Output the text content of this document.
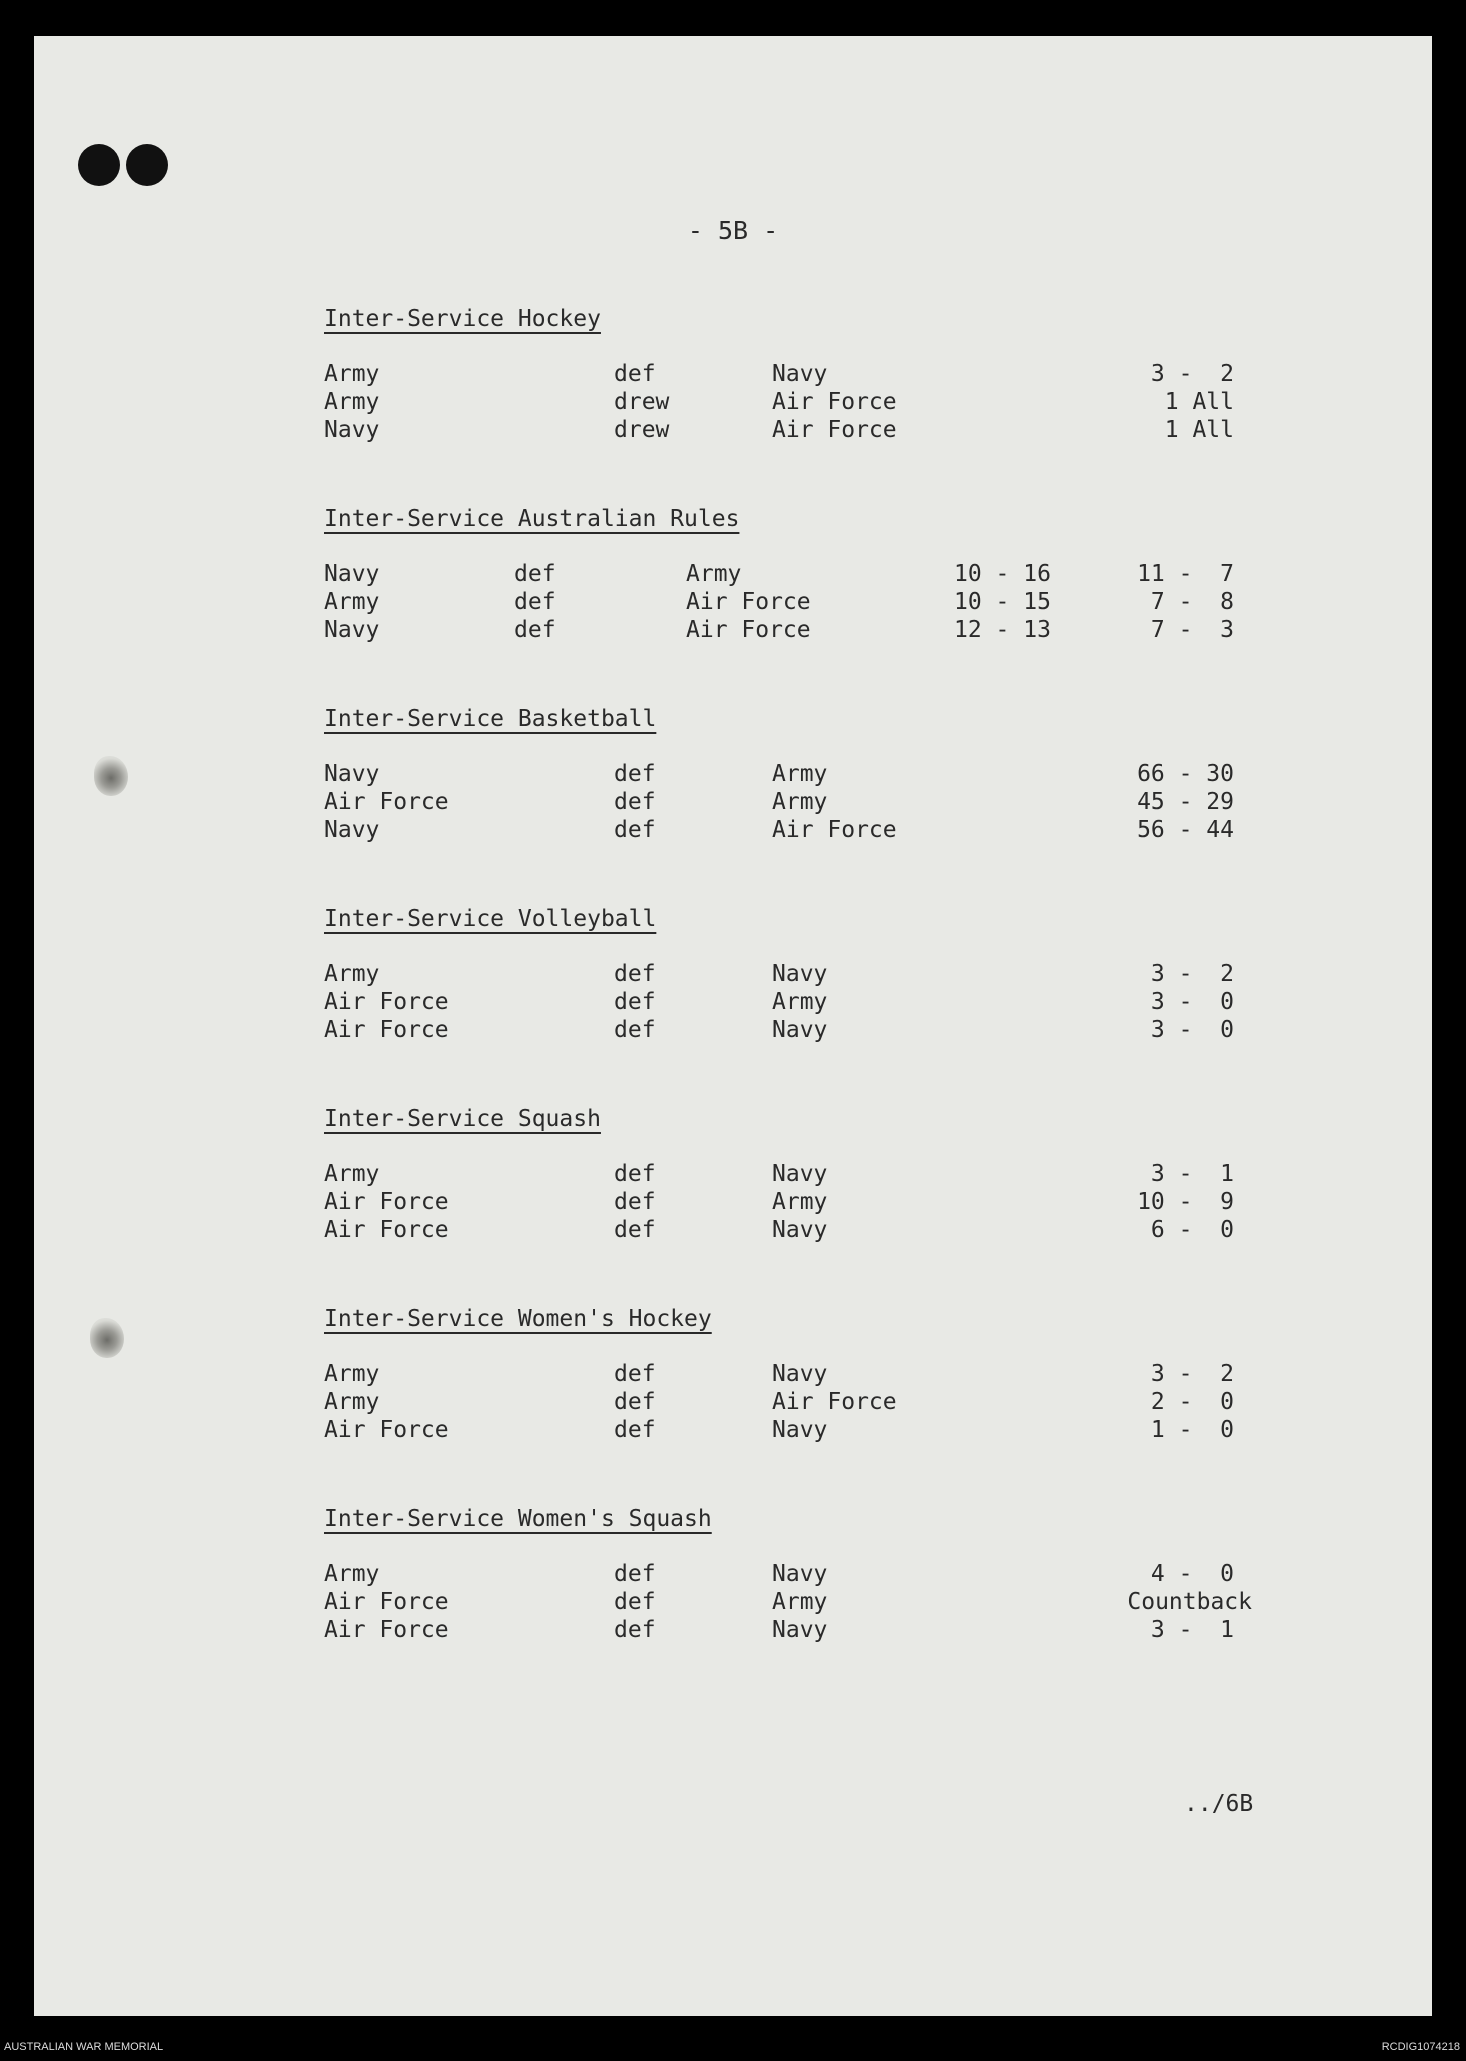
- 5B -
Inter-Service Hockey
Army	def	Navy	3 -  2
Army	drew	Air Force	1 All
Navy	drew	Air Force	1 All
Inter-Service Australian Rules
Navy	def	Army	10 - 16	11 -  7
Army	def	Air Force	10 - 15	7 -  8
Navy	def	Air Force	12 - 13	7 -  3
Inter-Service Basketball
Navy	def	Army	66 - 30
Air Force	def	Army	45 - 29
Navy	def	Air Force	56 - 44
Inter-Service Volleyball
Army	def	Navy	3 -  2
Air Force	def	Army	3 -  0
Air Force	def	Navy	3 -  0
Inter-Service Squash
Army	def	Navy	3 -  1
Air Force	def	Army	10 -  9
Air Force	def	Navy	6 -  0
Inter-Service Women's Hockey
Army	def	Navy	3 -  2
Army	def	Air Force	2 -  0
Air Force	def	Navy	1 -  0
Inter-Service Women's Squash
Army	def	Navy	4 -  0
Air Force	def	Army	Countback
Air Force	def	Navy	3 -  1
../6B
AUSTRALIAN WAR MEMORIAL	RCDIG1074218
